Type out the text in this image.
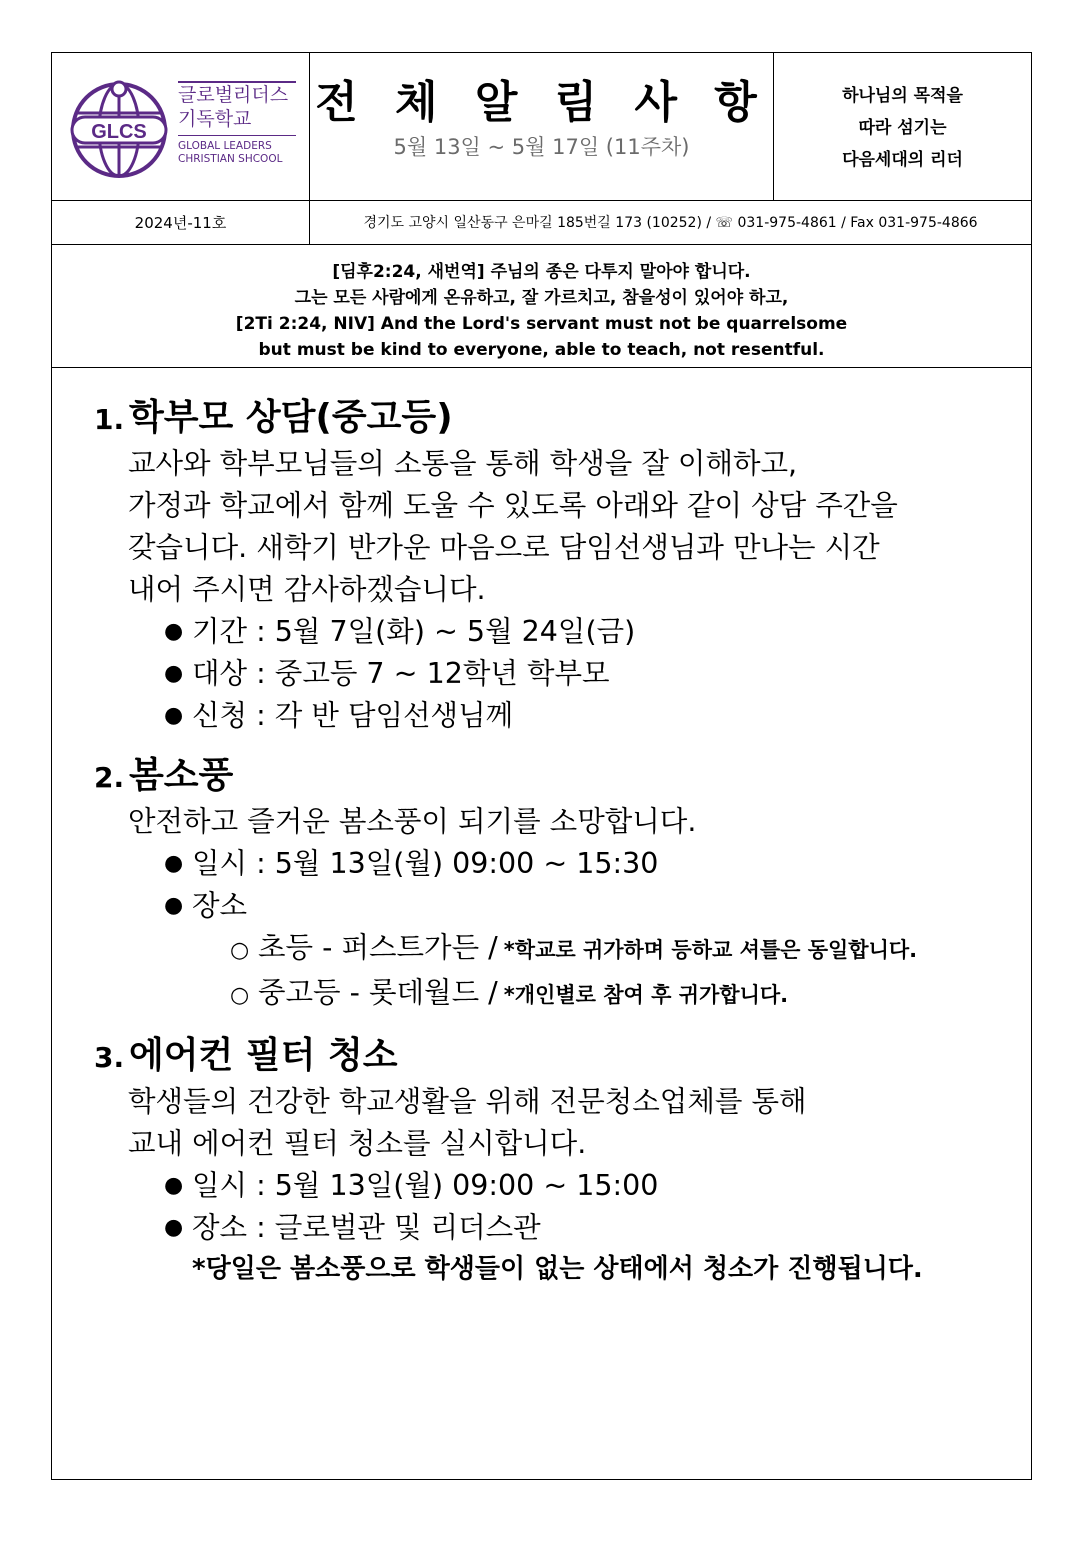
GLCS
글로벌리더스
기독학교
GLOBAL LEADERS
CHRISTIAN SHCOOL
전 체 알 림 사 항
5월 13일 ~ 5월 17일 (11주차)
하나님의 목적을
따라 섬기는
다음세대의 리더
2024년-11호	경기도 고양시 일산동구 은마길 185번길 173 (10252) / ☏ 031-975-4861 / Fax 031-975-4866
[딤후2:24, 새번역] 주님의 종은 다투지 말아야 합니다.
그는 모든 사람에게 온유하고, 잘 가르치고, 참을성이 있어야 하고,
[2Ti 2:24, NIV] And the Lord's servant must not be quarrelsome
but must be kind to everyone, able to teach, not resentful.
1. 학부모 상담(중고등)
교사와 학부모님들의 소통을 통해 학생을 잘 이해하고,
가정과 학교에서 함께 도울 수 있도록 아래와 같이 상담 주간을
갖습니다. 새학기 반가운 마음으로 담임선생님과 만나는 시간
내어 주시면 감사하겠습니다.
● 기간 : 5월 7일(화) ~ 5월 24일(금)
● 대상 : 중고등 7 ~ 12학년 학부모
● 신청 : 각 반 담임선생님께
2. 봄소풍
안전하고 즐거운 봄소풍이 되기를 소망합니다.
● 일시 : 5월 13일(월) 09:00 ~ 15:30
● 장소
○ 초등 - 퍼스트가든 / *학교로 귀가하며 등하교 셔틀은 동일합니다.
○ 중고등 - 롯데월드 / *개인별로 참여 후 귀가합니다.
3. 에어컨 필터 청소
학생들의 건강한 학교생활을 위해 전문청소업체를 통해
교내 에어컨 필터 청소를 실시합니다.
● 일시 : 5월 13일(월) 09:00 ~ 15:00
● 장소 : 글로벌관 및 리더스관
*당일은 봄소풍으로 학생들이 없는 상태에서 청소가 진행됩니다.
